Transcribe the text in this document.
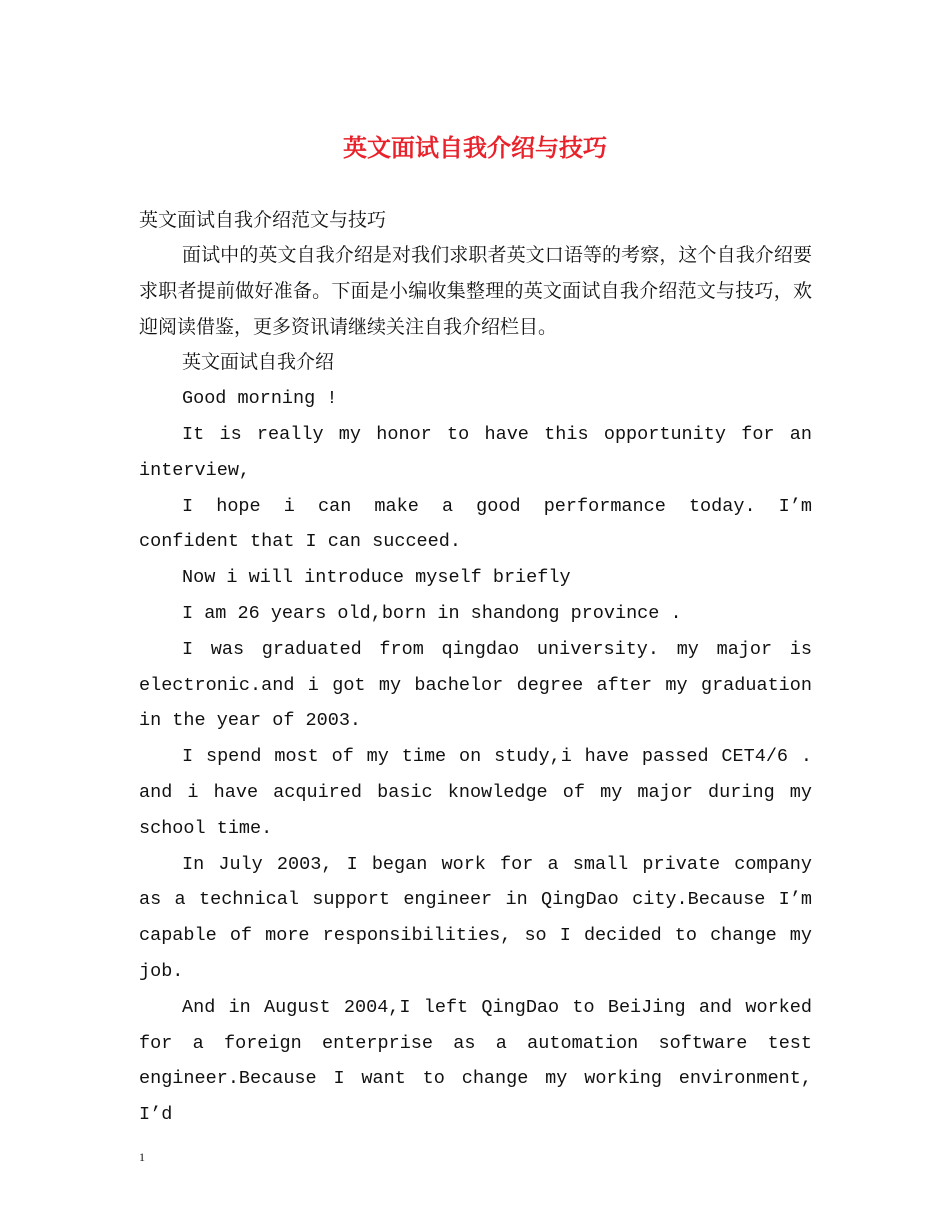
英文面试自我介绍与技巧

英文面试自我介绍范文与技巧

面试中的英文自我介绍是对我们求职者英文口语等的考察，这个自我介绍要求职者提前做好准备。下面是小编收集整理的英文面试自我介绍范文与技巧，欢迎阅读借鉴，更多资讯请继续关注自我介绍栏目。

英文面试自我介绍

Good morning !

It is really my honor to have this opportunity for an interview,

I hope i can make a good performance today. I’m confident that I can succeed.

Now i will introduce myself briefly

I am 26 years old,born in shandong province .

I was graduated from qingdao university. my major is electronic.and i got my bachelor degree after my graduation in the year of 2003.

I spend most of my time on study,i have passed CET4/6 . and i have acquired basic knowledge of my major during my school time.

In July 2003, I began work for a small private company as a technical support engineer in QingDao city.Because I’m capable of more responsibilities, so I decided to change my job.

And in August 2004,I left QingDao to BeiJing and worked for a foreign enterprise as a automation software test engineer.Because I want to change my working environment, I’d

1
